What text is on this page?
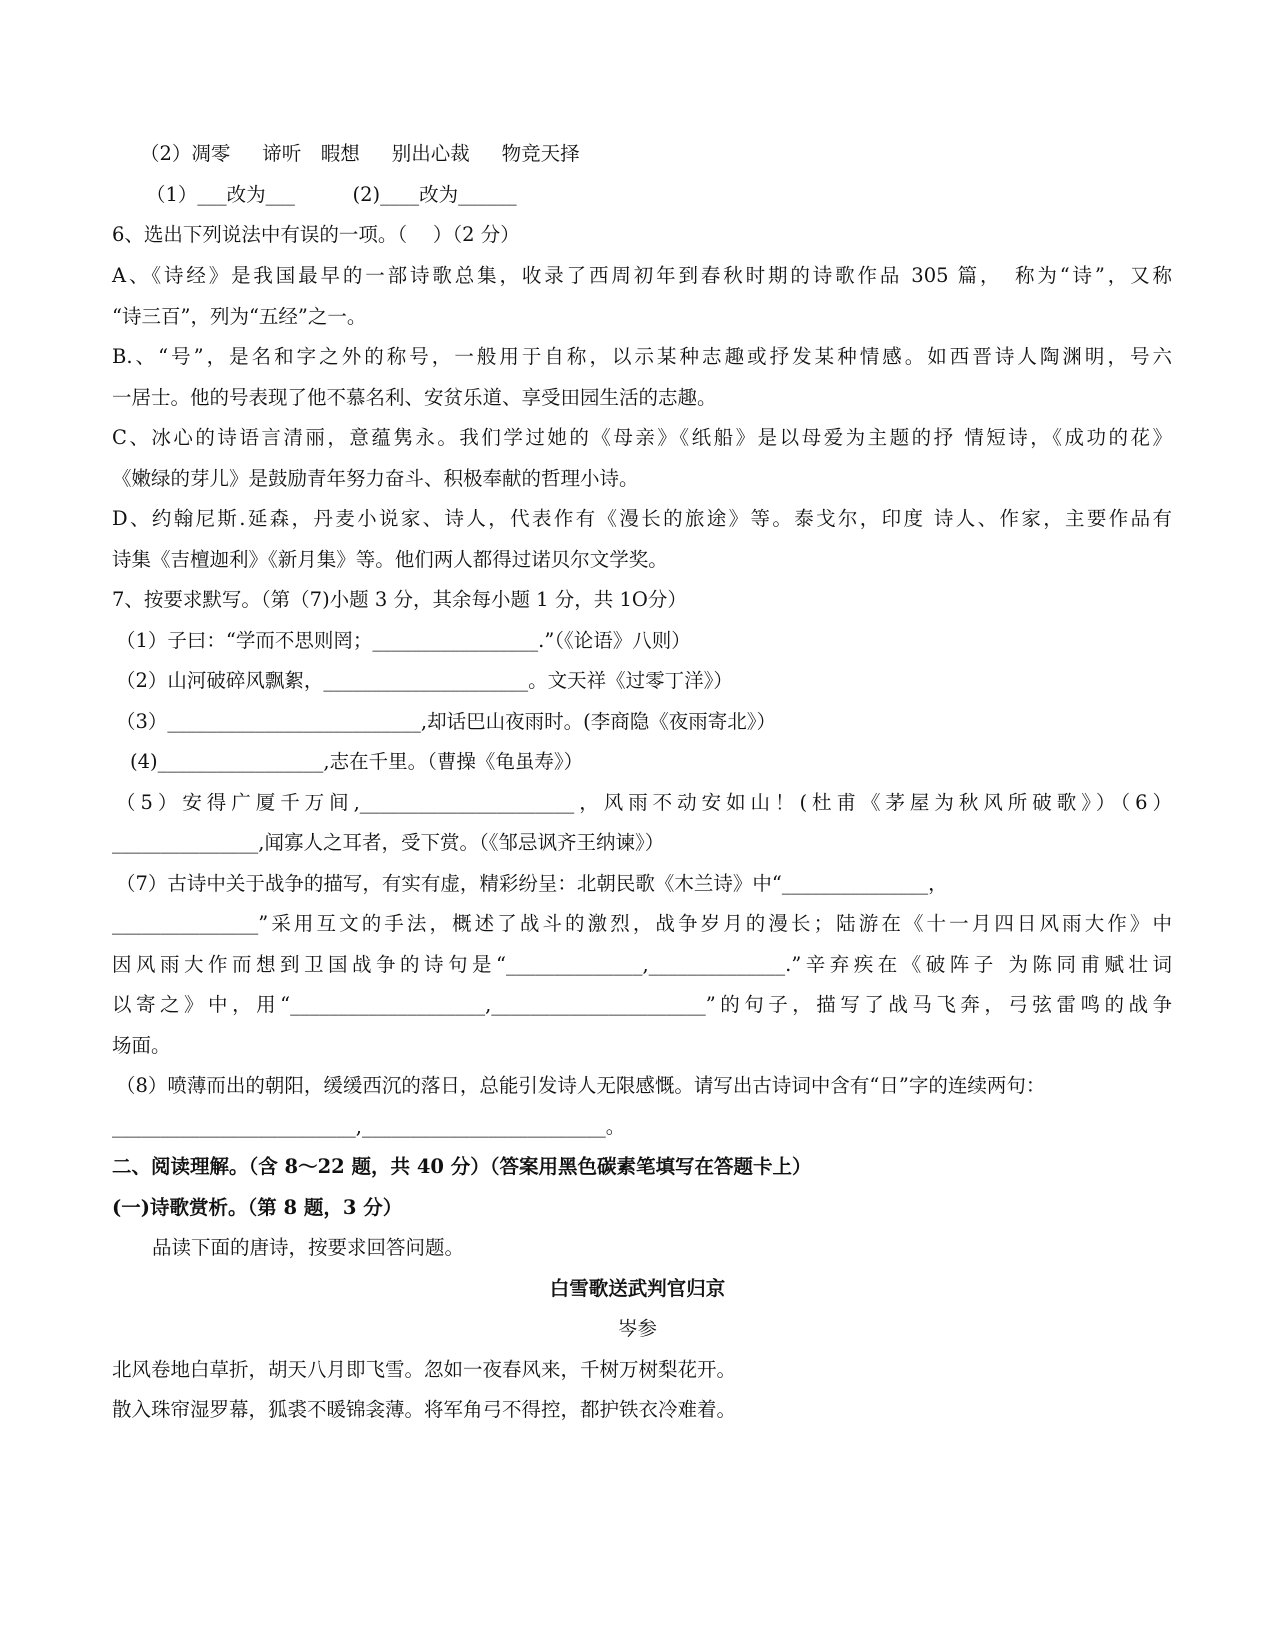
（2）凋零 　 谛听　暇想 　 别出心裁 　 物竞天择
（1）___改为___ 　 　 (2)____改为______
6、选出下列说法中有误的一项。（　 ）（2 分）
A、《诗经》是我国最早的一部诗歌总集，收录了西周初年到春秋时期的诗歌作品 305 篇，　称为“诗”，又称
“诗三百”，列为“五经”之一。
B.、“号”，是名和字之外的称号，一般用于自称，以示某种志趣或抒发某种情感。如西晋诗人陶渊明，号六
一居士。他的号表现了他不慕名利、安贫乐道、享受田园生活的志趣。
C、冰心的诗语言清丽，意蕴隽永。我们学过她的《母亲》《纸船》是以母爱为主题的抒 情短诗，《成功的花》
《嫩绿的芽儿》是鼓励青年努力奋斗、积极奉献的哲理小诗。
D、约翰尼斯.延森，丹麦小说家、诗人，代表作有《漫长的旅途》等。泰戈尔，印度 诗人、作家，主要作品有
诗集《吉檀迦利》《新月集》等。他们两人都得过诺贝尔文学奖。
7、按要求默写。（第（7)小题 3 分，其余每小题 1 分，共 1O分）
（1）子曰：“学而不思则罔；_________________.”（《论语》八则）
（2）山河破碎风飘絮，_____________________。文天祥《过零丁洋》）
（3）__________________________,却话巴山夜雨时。(李商隐《夜雨寄北》）
(4)_________________,志在千里。（曹操《龟虽寿》）
（5）安得广厦千万间,______________________，风雨不动安如山！(杜甫《茅屋为秋风所破歌》）（6）
_______________,闻寡人之耳者，受下赏。（《邹忌讽齐王纳谏》）
（7）古诗中关于战争的描写，有实有虚，精彩纷呈：北朝民歌《木兰诗》中“_______________，
_______________”采用互文的手法，概述了战斗的激烈，战争岁月的漫长；陆游在《十一月四日风雨大作》中
因风雨大作而想到卫国战争的诗句是“______________,______________.”辛弃疾在《破阵子 为陈同甫赋壮词
以寄之》中，用“____________________,______________________”的句子，描写了战马飞奔，弓弦雷鸣的战争
场面。
（8）喷薄而出的朝阳，缓缓西沉的落日，总能引发诗人无限感慨。请写出古诗词中含有“日”字的连续两句：
_________________________,_________________________。
二、阅读理解。（含 8～22 题，共 40 分）（答案用黑色碳素笔填写在答题卡上）
(一)诗歌赏析。（第 8 题，3 分）
品读下面的唐诗，按要求回答问题。
白雪歌送武判官归京
岑参
北风卷地白草折，胡天八月即飞雪。忽如一夜春风来，千树万树梨花开。
散入珠帘湿罗幕，狐裘不暖锦衾薄。将军角弓不得控，都护铁衣冷难着。
